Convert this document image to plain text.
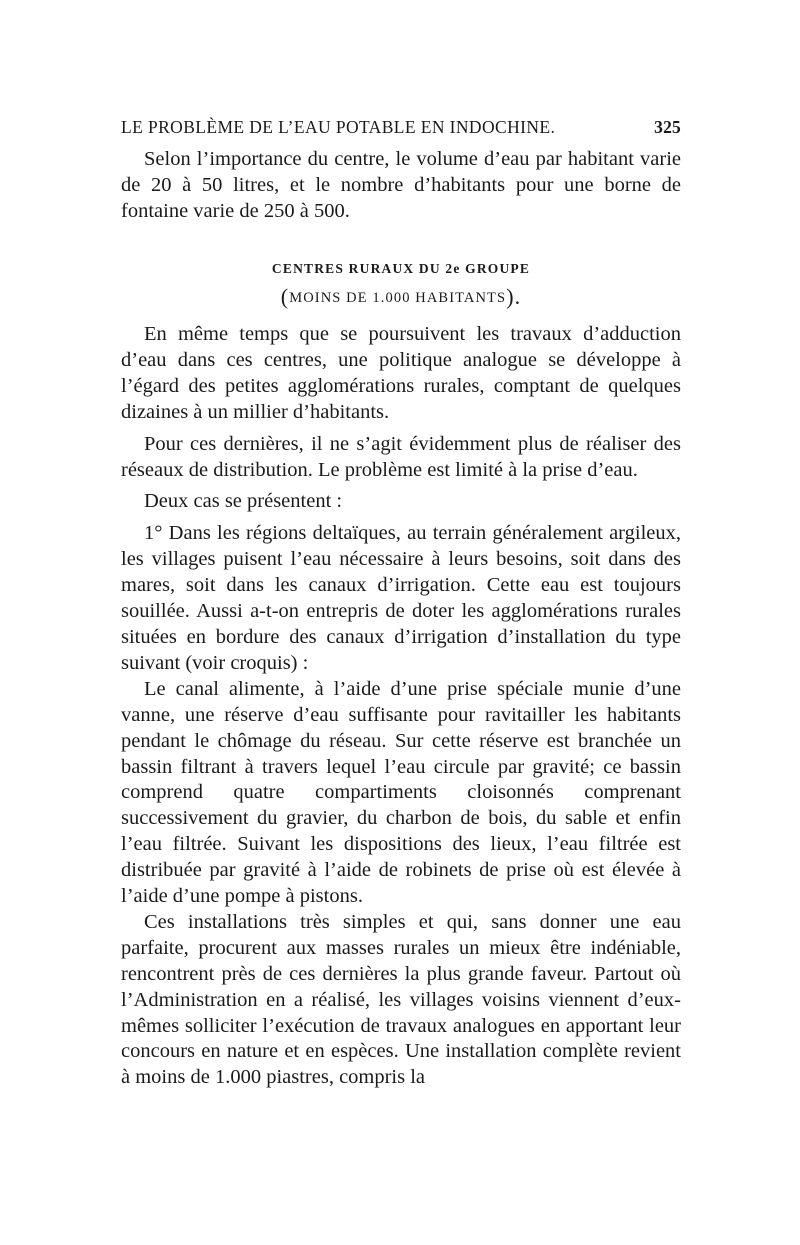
LE PROBLÈME DE L’EAU POTABLE EN INDOCHINE.	325

Selon l’importance du centre, le volume d’eau par habitant varie de 20 à 50 litres, et le nombre d’habitants pour une borne de fontaine varie de 250 à 500.

CENTRES RURAUX DU 2e GROUPE
(MOINS DE 1.000 HABITANTS).

En même temps que se poursuivent les travaux d’adduction d’eau dans ces centres, une politique analogue se développe à l’égard des petites agglomérations rurales, comptant de quelques dizaines à un millier d’habitants.

Pour ces dernières, il ne s’agit évidemment plus de réaliser des réseaux de distribution. Le problème est limité à la prise d’eau.

Deux cas se présentent :

1° Dans les régions deltaïques, au terrain généralement argileux, les villages puisent l’eau nécessaire à leurs besoins, soit dans des mares, soit dans les canaux d’irrigation. Cette eau est toujours souillée. Aussi a-t-on entrepris de doter les agglomérations rurales situées en bordure des canaux d’irrigation d’installation du type suivant (voir croquis) :

Le canal alimente, à l’aide d’une prise spéciale munie d’une vanne, une réserve d’eau suffisante pour ravitailler les habitants pendant le chômage du réseau. Sur cette réserve est branchée un bassin filtrant à travers lequel l’eau circule par gravité; ce bassin comprend quatre compartiments cloisonnés comprenant successivement du gravier, du charbon de bois, du sable et enfin l’eau filtrée. Suivant les dispositions des lieux, l’eau filtrée est distribuée par gravité à l’aide de robinets de prise où est élevée à l’aide d’une pompe à pistons.

Ces installations très simples et qui, sans donner une eau parfaite, procurent aux masses rurales un mieux être indéniable, rencontrent près de ces dernières la plus grande faveur. Partout où l’Administration en a réalisé, les villages voisins viennent d’eux-mêmes solliciter l’exécution de travaux analogues en apportant leur concours en nature et en espèces. Une installation complète revient à moins de 1.000 piastres, compris la
